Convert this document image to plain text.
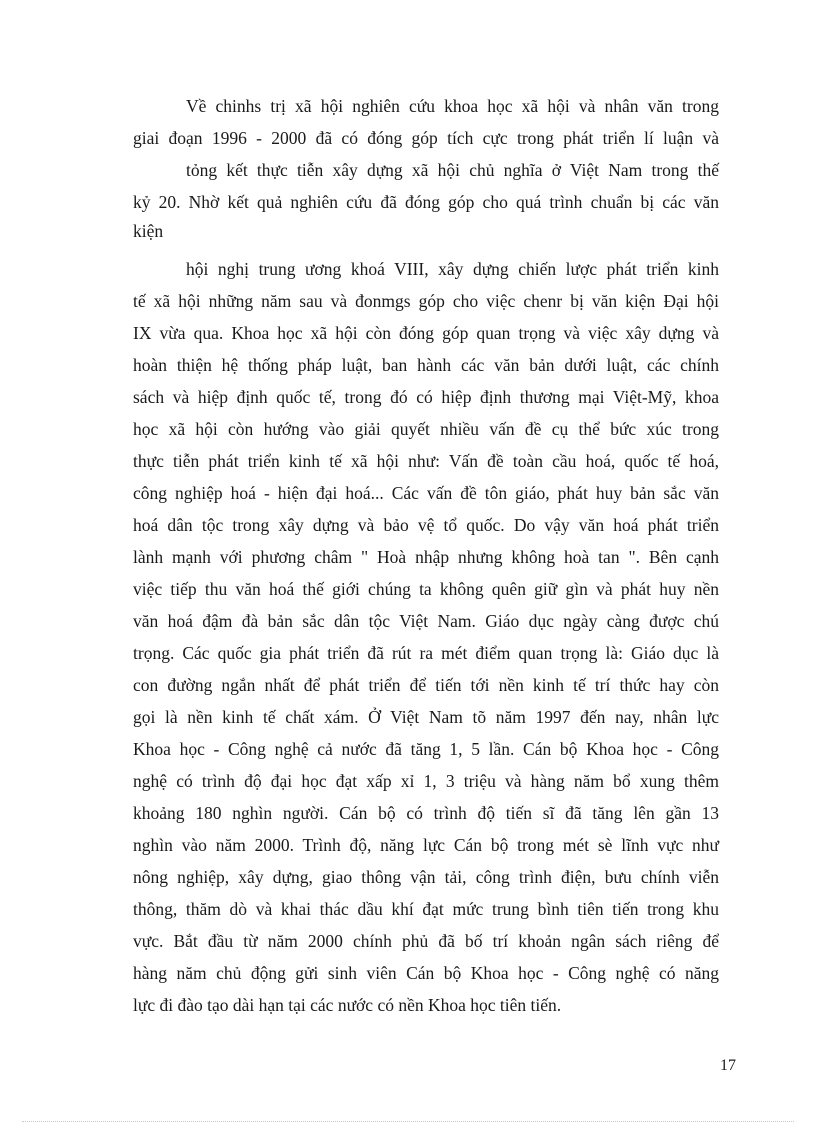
Về chinhs trị xã hội nghiên cứu khoa học xã hội và nhân văn trong
giai đoạn 1996 - 2000 đã có đóng góp tích cực trong phát triển lí luận và
tỏng kết thực tiễn xây dựng xã hội chủ nghĩa ở Việt Nam trong thế
kỷ 20. Nhờ kết quả nghiên cứu đã đóng góp cho quá trình chuẩn bị các văn
kiện
hội nghị trung ương khoá VIII, xây dựng chiến lược phát triển kinh
tế xã hội những năm sau và đonmgs góp cho việc chenr bị văn kiện Đại hội
IX vừa qua. Khoa học xã hội còn đóng góp quan trọng và việc xây dựng và
hoàn thiện hệ thống pháp luật, ban hành các văn bản dưới luật, các chính
sách và hiệp định quốc tế, trong đó có hiệp định thương mại Việt-Mỹ, khoa
học xã hội còn hướng vào giải quyết nhiều vấn đề cụ thể bức xúc trong
thực tiễn phát triển kinh tế xã hội như: Vấn đề toàn cầu hoá, quốc tế hoá,
công nghiệp hoá - hiện đại hoá... Các vấn đề tôn giáo, phát huy bản sắc văn
hoá dân tộc trong xây dựng và bảo vệ tổ quốc. Do vậy văn hoá phát triển
lành mạnh với phương châm " Hoà nhập nhưng không hoà tan ". Bên cạnh
việc tiếp thu văn hoá thế giới chúng ta không quên giữ gìn và phát huy nền
văn hoá đậm đà bản sắc dân tộc Việt Nam. Giáo dục ngày càng được chú
trọng. Các quốc gia phát triển đã rút ra mét điểm quan trọng là: Giáo dục là
con đường ngắn nhất để phát triển để tiến tới nền kinh tế trí thức hay còn
gọi là nền kinh tế chất xám. Ở Việt Nam tõ năm 1997 đến nay, nhân lực
Khoa học - Công nghệ cả nước đã tăng 1, 5 lần. Cán bộ Khoa học - Công
nghệ có trình độ đại học đạt xấp xỉ 1, 3 triệu và hàng năm bổ xung thêm
khoảng 180 nghìn người. Cán bộ có trình độ tiến sĩ đã tăng lên gần 13
nghìn vào năm 2000. Trình độ, năng lực Cán bộ trong mét sè lĩnh vực như
nông nghiệp, xây dựng, giao thông vận tải, công trình điện, bưu chính viễn
thông, thăm dò và khai thác dầu khí đạt mức trung bình tiên tiến trong khu
vực. Bắt đầu từ năm 2000 chính phủ đã bố trí khoản ngân sách riêng để
hàng năm chủ động gửi sinh viên Cán bộ Khoa học - Công nghệ có năng
lực đi đào tạo dài hạn tại các nước có nền Khoa học tiên tiến.
17
